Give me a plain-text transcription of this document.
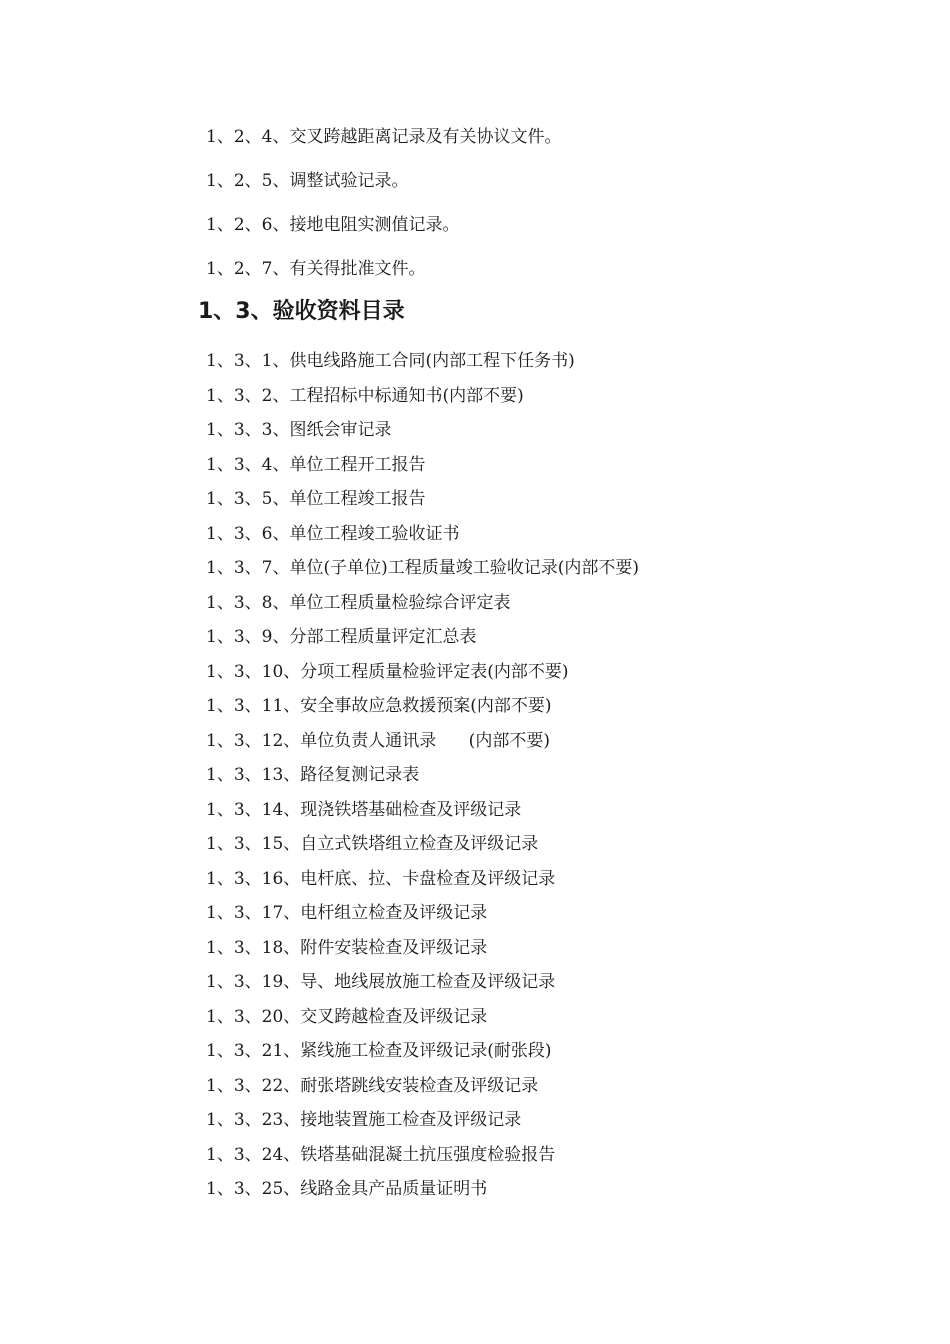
1、2、4、交叉跨越距离记录及有关协议文件。
1、2、5、调整试验记录。
1、2、6、接地电阻实测值记录。
1、2、7、有关得批准文件。
1、3、验收资料目录
1、3、1、供电线路施工合同(内部工程下任务书)
1、3、2、工程招标中标通知书(内部不要)
1、3、3、图纸会审记录
1、3、4、单位工程开工报告
1、3、5、单位工程竣工报告
1、3、6、单位工程竣工验收证书
1、3、7、单位(子单位)工程质量竣工验收记录(内部不要)
1、3、8、单位工程质量检验综合评定表
1、3、9、分部工程质量评定汇总表
1、3、10、分项工程质量检验评定表(内部不要)
1、3、11、安全事故应急救援预案(内部不要)
1、3、12、单位负责人通讯录      (内部不要)
1、3、13、路径复测记录表
1、3、14、现浇铁塔基础检查及评级记录
1、3、15、自立式铁塔组立检查及评级记录
1、3、16、电杆底、拉、卡盘检查及评级记录
1、3、17、电杆组立检查及评级记录
1、3、18、附件安装检查及评级记录
1、3、19、导、地线展放施工检查及评级记录
1、3、20、交叉跨越检查及评级记录
1、3、21、紧线施工检查及评级记录(耐张段)
1、3、22、耐张塔跳线安装检查及评级记录
1、3、23、接地装置施工检查及评级记录
1、3、24、铁塔基础混凝土抗压强度检验报告
1、3、25、线路金具产品质量证明书
